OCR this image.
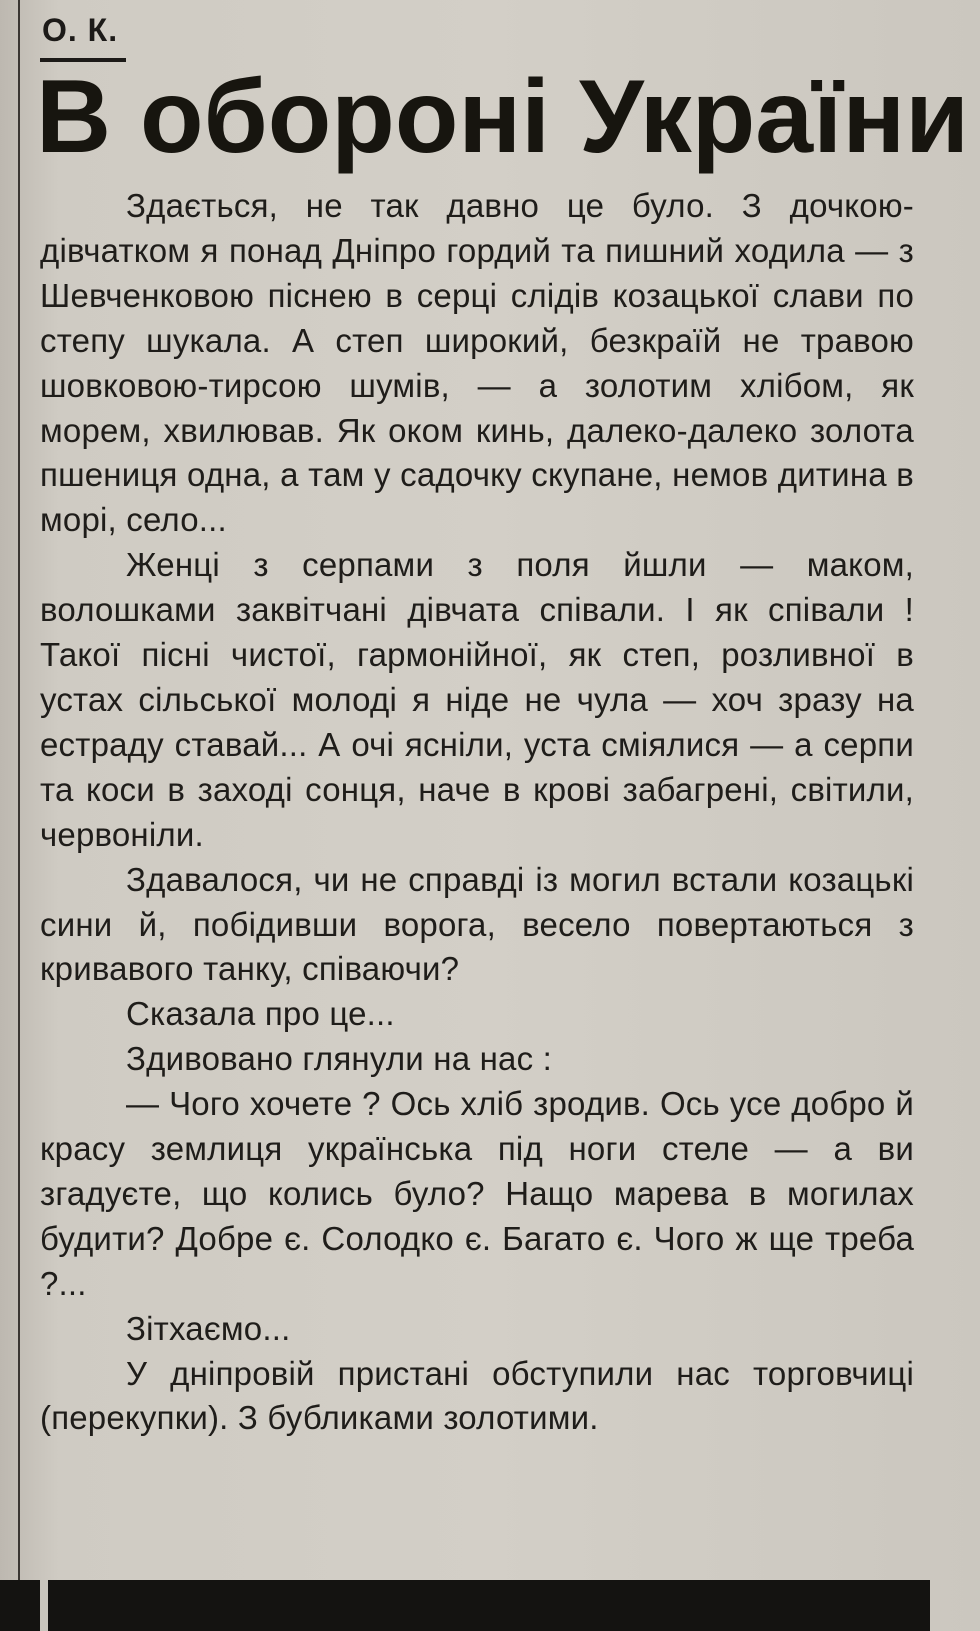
О. К.
В обороні України

Здається, не так давно це було. З дочкою-дівчатком я понад Дніпро гордий та пишний ходила — з Шевченковою піснею в серці слідів козацької слави по степу шукала. А степ широкий, безкраїй не травою шовковою-тирсою шумів, — а золотим хлібом, як морем, хвилював. Як оком кинь, далеко-далеко золота пшениця одна, а там у садочку скупане, немов дитина в морі, село...

Женці з серпами з поля йшли — маком, волошками заквітчані дівчата співали. І як співали ! Такої пісні чистої, гармонійної, як степ, розливної в устах сільської молоді я ніде не чула — хоч зразу на естраду ставай... А очі ясніли, уста сміялися — а серпи та коси в заході сонця, наче в крові забагрені, світили, червоніли.

Здавалося, чи не справді із могил встали козацькі сини й, побідивши ворога, весело повертаються з кривавого танку, співаючи?

Сказала про це...

Здивовано глянули на нас :

— Чого хочете ? Ось хліб зродив. Ось усе добро й красу землиця українська під ноги стеле — а ви згадуєте, що колись було? Нащо марева в могилах будити? Добре є. Солодко є. Багато є. Чого ж ще треба ?...

Зітхаємо...

У дніпровій пристані обступили нас торговчиці (перекупки). З бубликами золотими.
